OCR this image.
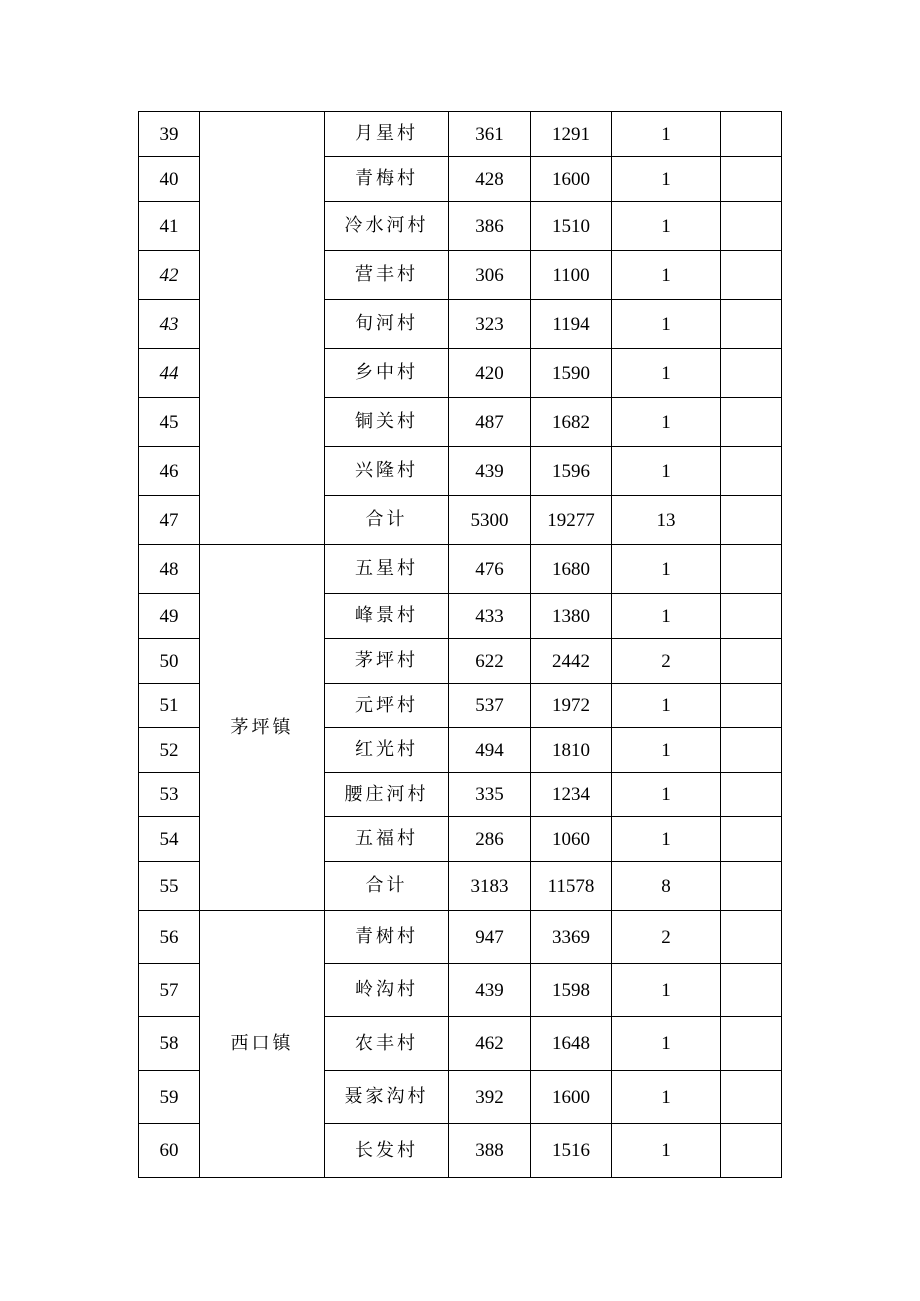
39		月星村	361	1291	1	
40		青梅村	428	1600	1	
41		冷水河村	386	1510	1	
42		营丰村	306	1100	1	
43		旬河村	323	1194	1	
44		乡中村	420	1590	1	
45		铜关村	487	1682	1	
46		兴隆村	439	1596	1	
47		合计	5300	19277	13	
48	茅坪镇	五星村	476	1680	1	
49		峰景村	433	1380	1	
50		茅坪村	622	2442	2	
51		元坪村	537	1972	1	
52		红光村	494	1810	1	
53		腰庄河村	335	1234	1	
54		五福村	286	1060	1	
55		合计	3183	11578	8	
56	西口镇	青树村	947	3369	2	
57		岭沟村	439	1598	1	
58		农丰村	462	1648	1	
59		聂家沟村	392	1600	1	
60		长发村	388	1516	1	
